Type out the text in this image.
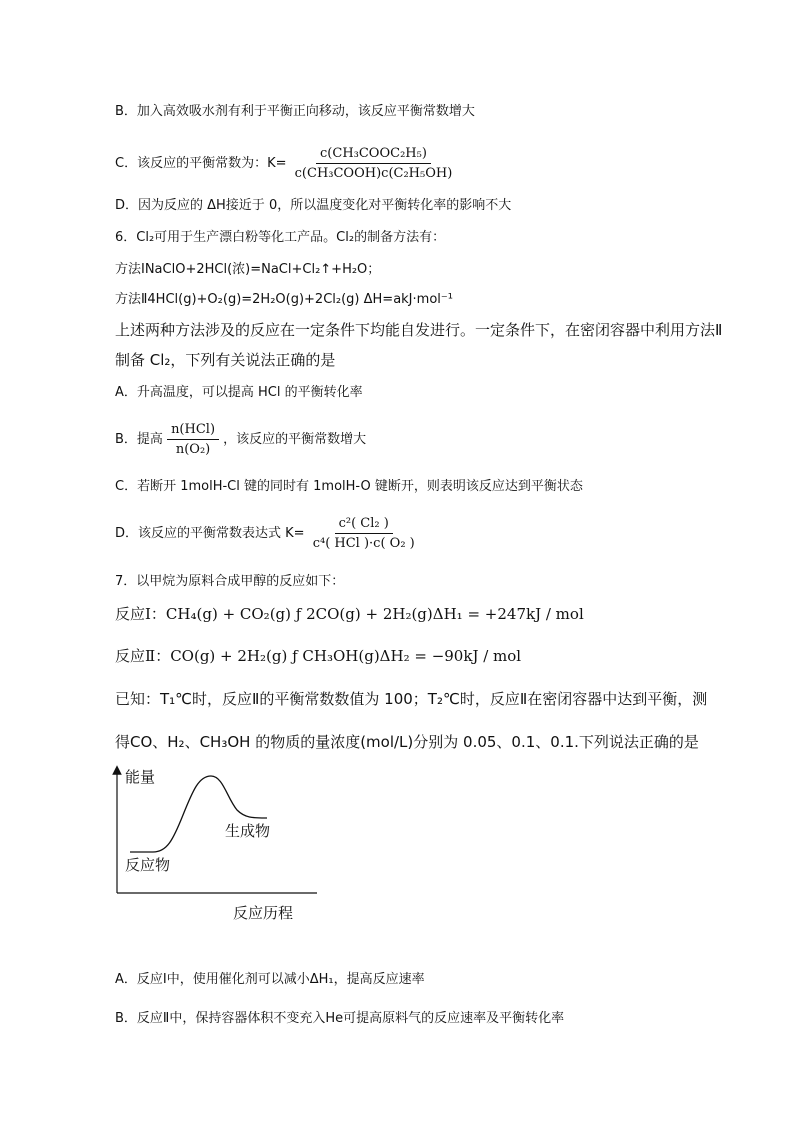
B．加入高效吸水剂有利于平衡正向移动，该反应平衡常数增大
C．该反应的平衡常数为：$K= \frac{\text{c(CH₃COOC₂H₅)}}{\text{c(CH₃COOH)c(C₂H₅OH)}}$
D．因为反应的 ΔH接近于 0，所以温度变化对平衡转化率的影响不大
6．Cl₂可用于生产漂白粉等化工产品。Cl₂的制备方法有：
方法ⅠNaClO+2HCl(浓)=NaCl+Cl₂↑+H₂O；
方法Ⅱ4HCl(g)+O₂(g)=2H₂O(g)+2Cl₂(g) ΔH=akJ·mol⁻¹
上述两种方法涉及的反应在一定条件下均能自发进行。一定条件下，在密闭容器中利用方法Ⅱ
制备 Cl₂，下列有关说法正确的是
A．升高温度，可以提高 HCl 的平衡转化率
B．提高 $\frac{\text{n(HCl)}}{\text{n(O₂)}}$ ，该反应的平衡常数增大
C．若断开 1molH-Cl 键的同时有 1molH-O 键断开，则表明该反应达到平衡状态
D．该反应的平衡常数表达式 $K= \frac{\text{c²( Cl₂ )}}{\text{c⁴( HCl )·c( O₂ )}}$
7．以甲烷为原料合成甲醇的反应如下：
反应Ⅰ：CH₄(g) + CO₂(g) ƒ 2CO(g) + 2H₂(g)ΔH₁ = +247kJ / mol
反应Ⅱ：CO(g) + 2H₂(g) ƒ CH₃OH(g)ΔH₂ = −90kJ / mol
已知：T₁℃时，反应Ⅱ的平衡常数数值为 100；T₂℃时，反应Ⅱ在密闭容器中达到平衡，测
得CO、H₂、CH₃OH 的物质的量浓度(mol/L)分别为 0.05、0.1、0.1.下列说法正确的是
能量
生成物
反应物
反应历程
A．反应Ⅰ中，使用催化剂可以减小ΔH₁，提高反应速率
B．反应Ⅱ中，保持容器体积不变充入He可提高原料气的反应速率及平衡转化率
